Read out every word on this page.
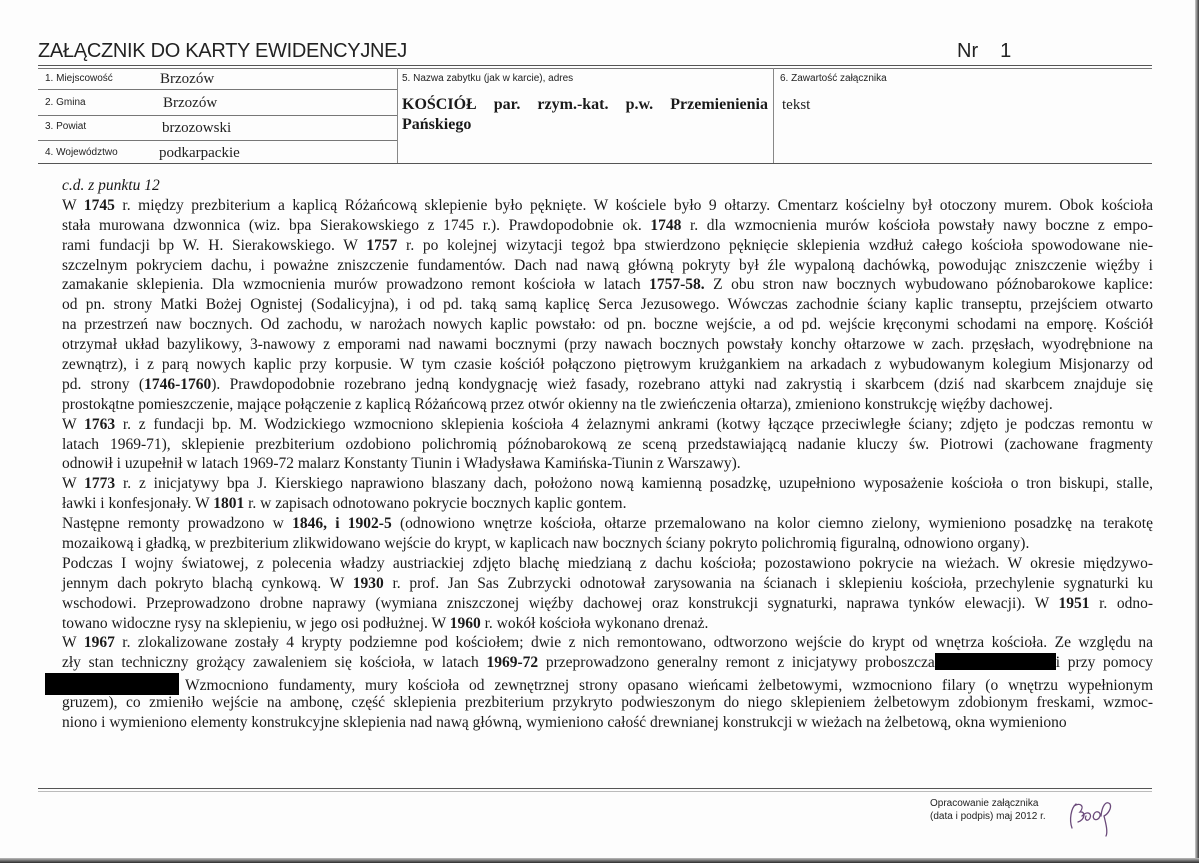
ZAŁĄCZNIK DO KARTY EWIDENCYJNEJ	Nr 1
1. Miejscowość	Brzozów
2. Gmina	Brzozów
3. Powiat	brzozowski
4. Województwo	podkarpackie
5. Nazwa zabytku (jak w karcie), adres
KOŚCIÓŁ par. rzym.-kat. p.w. Przemienienia
Pańskiego
6. Zawartość załącznika
tekst
c.d. z punktu 12
W 1745 r. między prezbiterium a kaplicą Różańcową sklepienie było pęknięte. W kościele było 9 ołtarzy. Cmentarz kościelny był otoczony murem. Obok kościoła
stała murowana dzwonnica (wiz. bpa Sierakowskiego z 1745 r.). Prawdopodobnie ok. 1748 r. dla wzmocnienia murów kościoła powstały nawy boczne z empo-
rami fundacji bp W. H. Sierakowskiego. W 1757 r. po kolejnej wizytacji tegoż bpa stwierdzono pęknięcie sklepienia wzdłuż całego kościoła spowodowane nie-
szczelnym pokryciem dachu, i poważne zniszczenie fundamentów. Dach nad nawą główną pokryty był źle wypaloną dachówką, powodując zniszczenie więźby i
zamakanie sklepienia. Dla wzmocnienia murów prowadzono remont kościoła w latach 1757-58. Z obu stron naw bocznych wybudowano późnobarokowe kaplice:
od pn. strony Matki Bożej Ognistej (Sodalicyjna), i od pd. taką samą kaplicę Serca Jezusowego. Wówczas zachodnie ściany kaplic transeptu, przejściem otwarto
na przestrzeń naw bocznych. Od zachodu, w narożach nowych kaplic powstało: od pn. boczne wejście, a od pd. wejście kręconymi schodami na emporę. Kościół
otrzymał układ bazylikowy, 3-nawowy z emporami nad nawami bocznymi (przy nawach bocznych powstały konchy ołtarzowe w zach. przęsłach, wyodrębnione na
zewnątrz), i z parą nowych kaplic przy korpusie. W tym czasie kościół połączono piętrowym krużgankiem na arkadach z wybudowanym kolegium Misjonarzy od
pd. strony (1746-1760). Prawdopodobnie rozebrano jedną kondygnację wież fasady, rozebrano attyki nad zakrystią i skarbcem (dziś nad skarbcem znajduje się
prostokątne pomieszczenie, mające połączenie z kaplicą Różańcową przez otwór okienny na tle zwieńczenia ołtarza), zmieniono konstrukcję więźby dachowej.
W 1763 r. z fundacji bp. M. Wodzickiego wzmocniono sklepienia kościoła 4 żelaznymi ankrami (kotwy łączące przeciwległe ściany; zdjęto je podczas remontu w
latach 1969-71), sklepienie prezbiterium ozdobiono polichromią późnobarokową ze sceną przedstawiającą nadanie kluczy św. Piotrowi (zachowane fragmenty
odnowił i uzupełnił w latach 1969-72 malarz Konstanty Tiunin i Władysława Kamińska-Tiunin z Warszawy).
W 1773 r. z inicjatywy bpa J. Kierskiego naprawiono blaszany dach, położono nową kamienną posadzkę, uzupełniono wyposażenie kościoła o tron biskupi, stalle,
ławki i konfesjonały. W 1801 r. w zapisach odnotowano pokrycie bocznych kaplic gontem.
Następne remonty prowadzono w 1846, i 1902-5 (odnowiono wnętrze kościoła, ołtarze przemalowano na kolor ciemno zielony, wymieniono posadzkę na terakotę
mozaikową i gładką, w prezbiterium zlikwidowano wejście do krypt, w kaplicach naw bocznych ściany pokryto polichromią figuralną, odnowiono organy).
Podczas I wojny światowej, z polecenia władzy austriackiej zdjęto blachę miedzianą z dachu kościoła; pozostawiono pokrycie na wieżach. W okresie międzywo-
jennym dach pokryto blachą cynkową. W 1930 r. prof. Jan Sas Zubrzycki odnotował zarysowania na ścianach i sklepieniu kościoła, przechylenie sygnaturki ku
wschodowi. Przeprowadzono drobne naprawy (wymiana zniszczonej więźby dachowej oraz konstrukcji sygnaturki, naprawa tynków elewacji). W 1951 r. odno-
towano widoczne rysy na sklepieniu, w jego osi podłużnej. W 1960 r. wokół kościoła wykonano drenaż.
W 1967 r. zlokalizowane zostały 4 krypty podziemne pod kościołem; dwie z nich remontowano, odtworzono wejście do krypt od wnętrza kościoła. Ze względu na
zły stan techniczny grożący zawaleniem się kościoła, w latach 1969-72 przeprowadzono generalny remont z inicjatywy proboszcza	i przy pomocy
Wzmocniono fundamenty, mury kościoła od zewnętrznej strony opasano wieńcami żelbetowymi, wzmocniono filary (o wnętrzu wypełnionym
gruzem), co zmieniło wejście na ambonę, część sklepienia prezbiterium przykryto podwieszonym do niego sklepieniem żelbetowym zdobionym freskami, wzmoc-
niono i wymieniono elementy konstrukcyjne sklepienia nad nawą główną, wymieniono całość drewnianej konstrukcji w wieżach na żelbetową, okna wymieniono
Opracowanie załącznika
(data i podpis) maj 2012 r.
